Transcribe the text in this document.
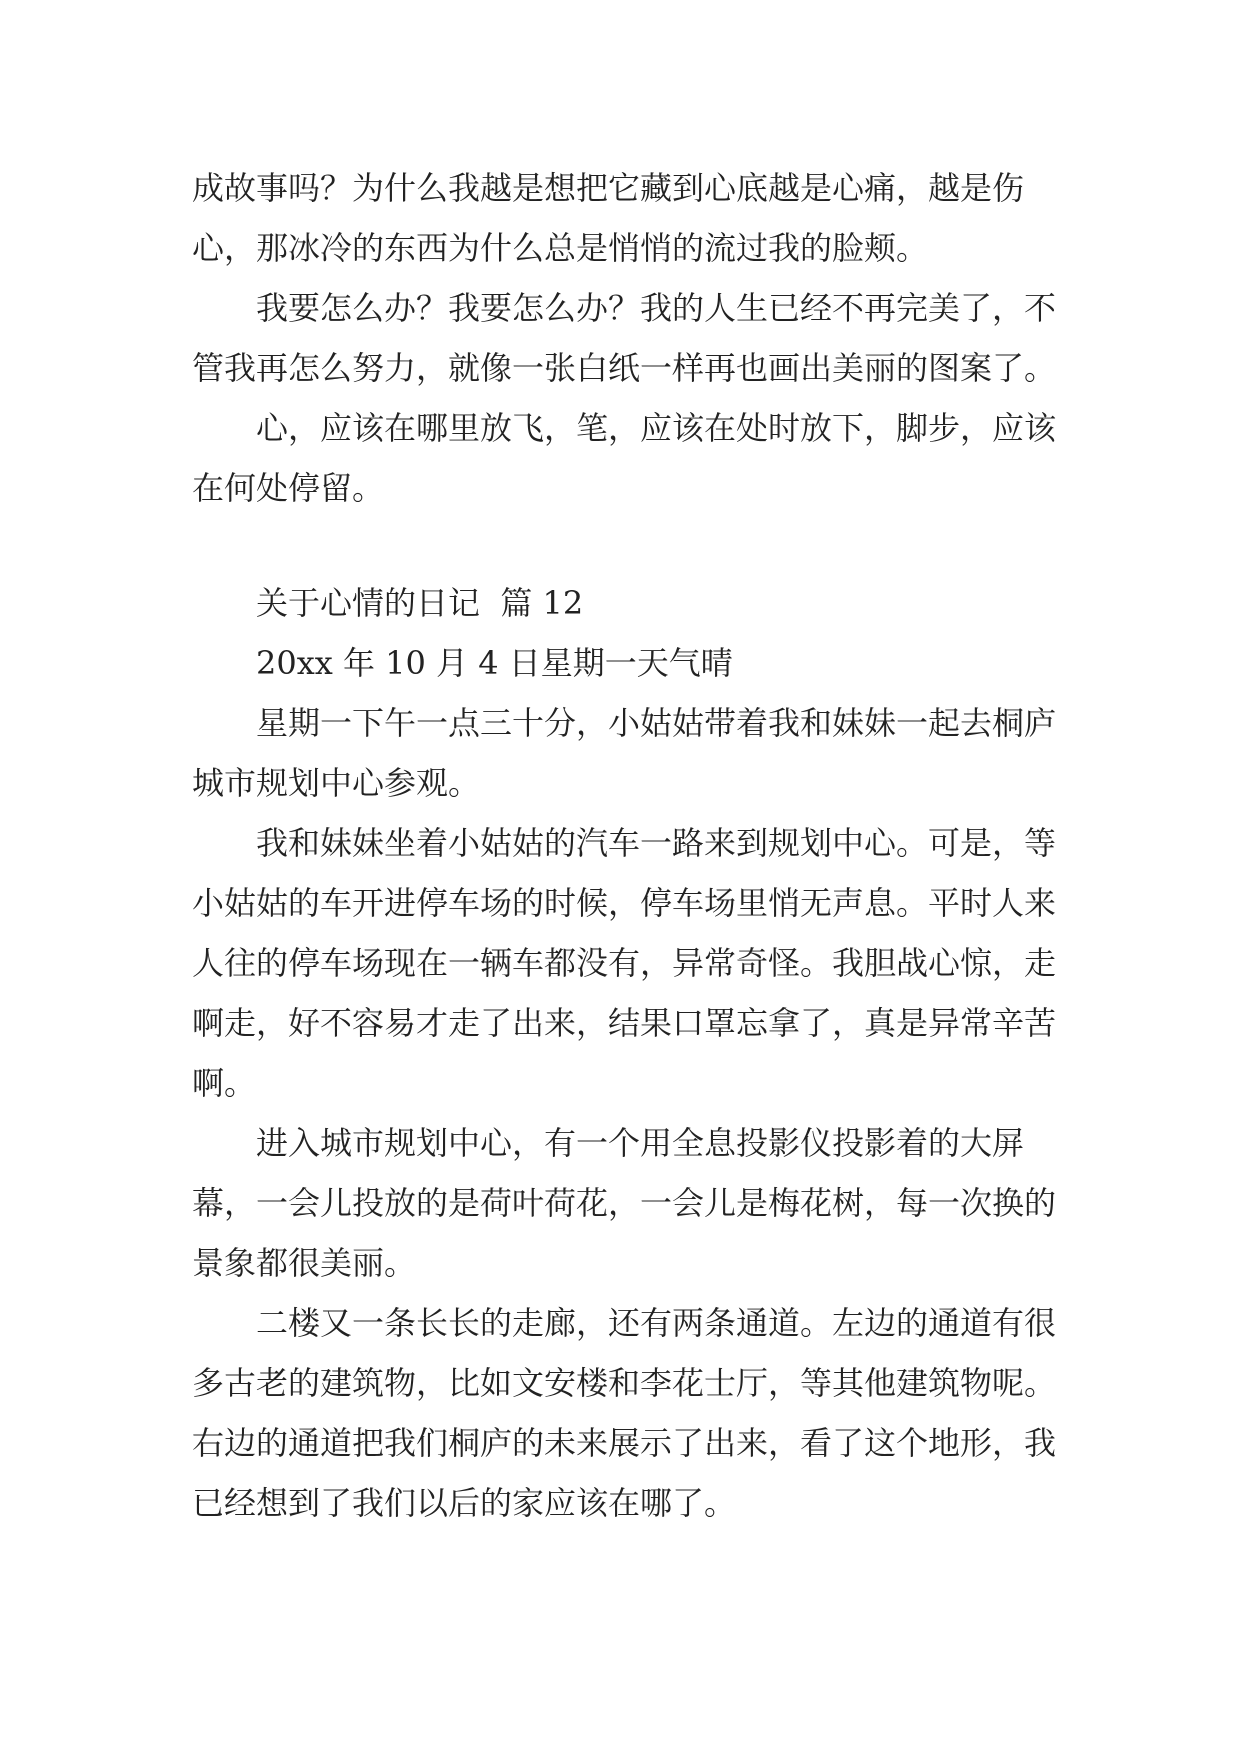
成故事吗？为什么我越是想把它藏到心底越是心痛，越是伤心，那冰冷的东西为什么总是悄悄的流过我的脸颊。

我要怎么办？我要怎么办？我的人生已经不再完美了，不管我再怎么努力，就像一张白纸一样再也画出美丽的图案了。

心，应该在哪里放飞，笔，应该在处时放下，脚步，应该在何处停留。

关于心情的日记  篇 12

20xx 年 10 月 4 日星期一天气晴

星期一下午一点三十分，小姑姑带着我和妹妹一起去桐庐城市规划中心参观。

我和妹妹坐着小姑姑的汽车一路来到规划中心。可是，等小姑姑的车开进停车场的时候，停车场里悄无声息。平时人来人往的停车场现在一辆车都没有，异常奇怪。我胆战心惊，走啊走，好不容易才走了出来，结果口罩忘拿了，真是异常辛苦啊。

进入城市规划中心，有一个用全息投影仪投影着的大屏幕，一会儿投放的是荷叶荷花，一会儿是梅花树，每一次换的景象都很美丽。

二楼又一条长长的走廊，还有两条通道。左边的通道有很多古老的建筑物，比如文安楼和李花士厅，等其他建筑物呢。右边的通道把我们桐庐的未来展示了出来，看了这个地形，我已经想到了我们以后的家应该在哪了。
